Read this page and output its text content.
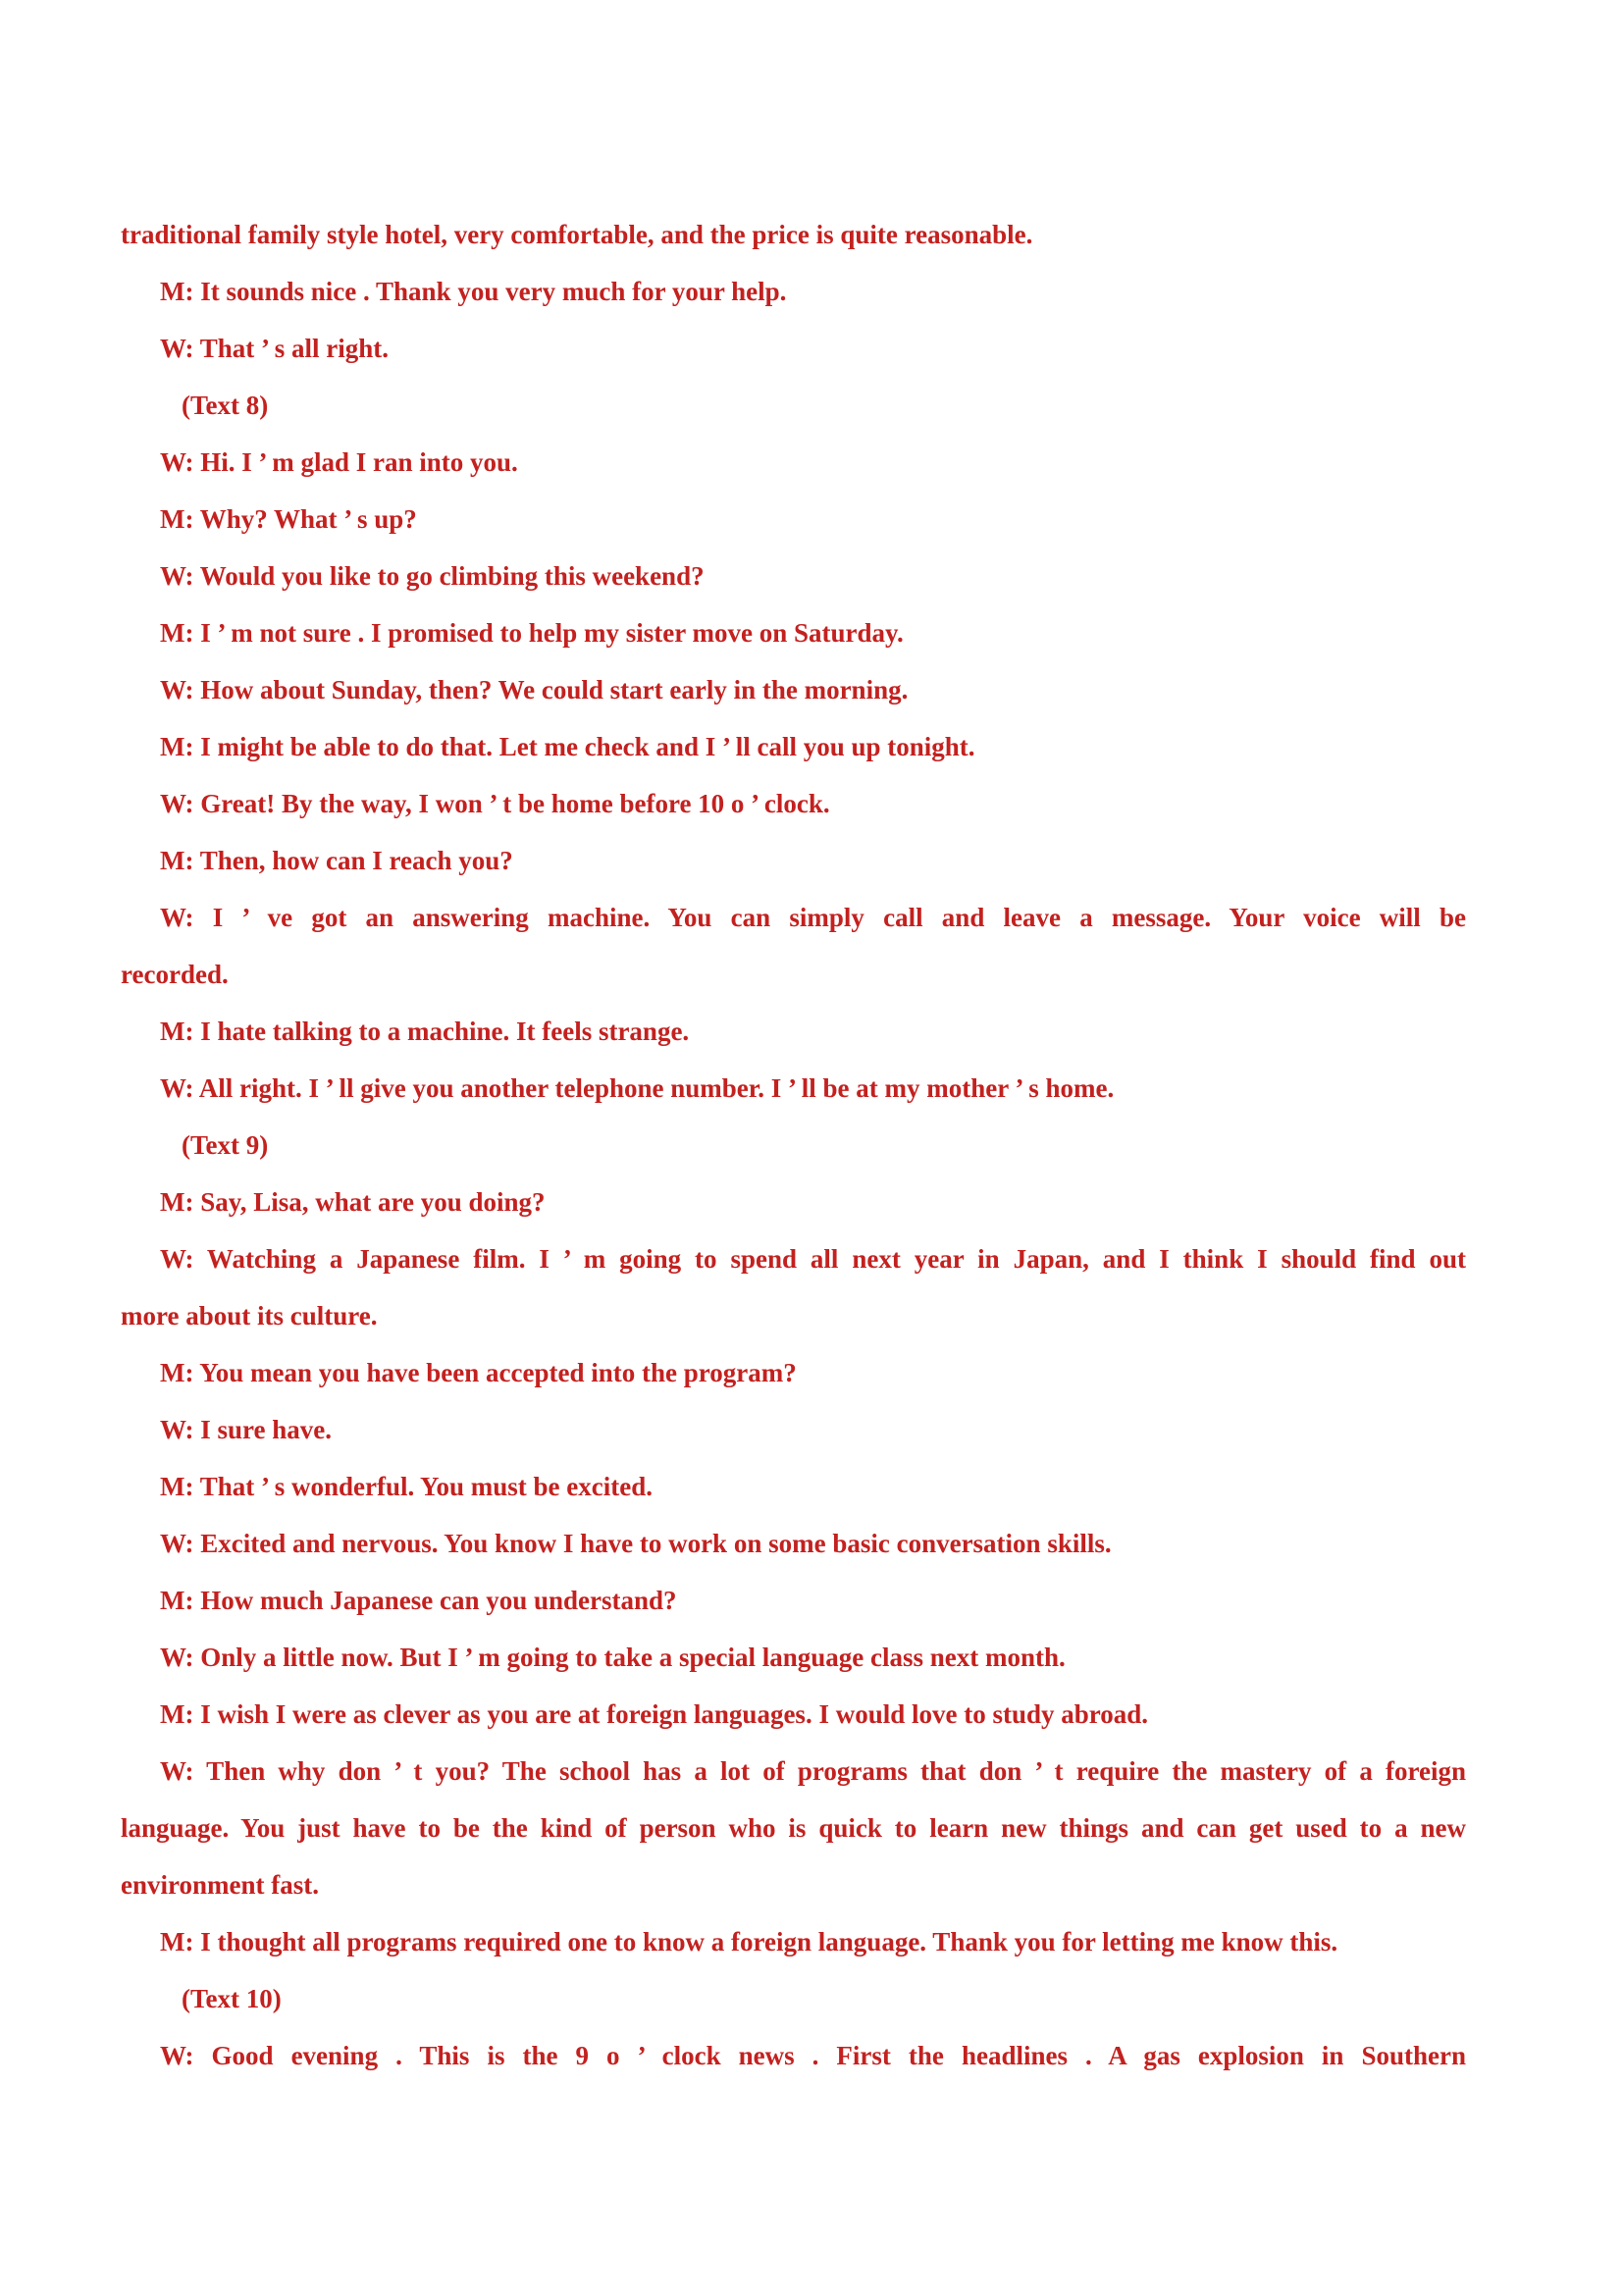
traditional family style hotel, very comfortable, and the price is quite reasonable.
M: It sounds nice . Thank you very much for your help.
W: That ’ s all right.
(Text 8)
W: Hi. I ’ m glad I ran into you.
M: Why? What ’ s up?
W: Would you like to go climbing this weekend?
M: I ’ m not sure . I promised to help my sister move on Saturday.
W: How about Sunday, then? We could start early in the morning.
M: I might be able to do that. Let me check and I ’ ll call you up tonight.
W: Great! By the way, I won ’ t be home before 10 o ’ clock.
M: Then, how can I reach you?
W: I ’ ve got an answering machine. You can simply call and leave a message. Your voice will be
recorded.
M: I hate talking to a machine. It feels strange.
W: All right. I ’ ll give you another telephone number. I ’ ll be at my mother ’ s home.
(Text 9)
M: Say, Lisa, what are you doing?
W: Watching a Japanese film. I ’ m going to spend all next year in Japan, and I think I should find out
more about its culture.
M: You mean you have been accepted into the program?
W: I sure have.
M: That ’ s wonderful. You must be excited.
W: Excited and nervous. You know I have to work on some basic conversation skills.
M: How much Japanese can you understand?
W: Only a little now. But I ’ m going to take a special language class next month.
M: I wish I were as clever as you are at foreign languages. I would love to study abroad.
W: Then why don ’ t you? The school has a lot of programs that don ’ t require the mastery of a foreign
language. You just have to be the kind of person who is quick to learn new things and can get used to a new
environment fast.
M: I thought all programs required one to know a foreign language. Thank you for letting me know this.
(Text 10)
W: Good evening . This is the 9 o ’ clock news . First the headlines . A gas explosion in Southern
